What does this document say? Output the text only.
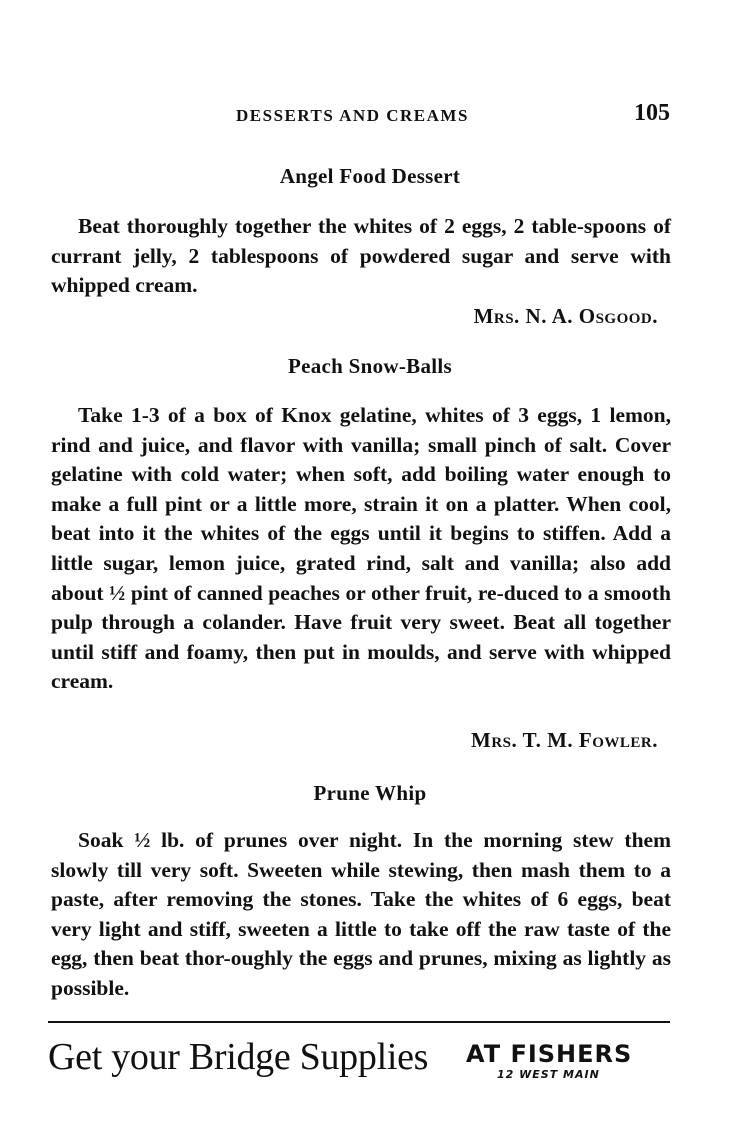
DESSERTS AND CREAMS	105
Angel Food Dessert

Beat thoroughly together the whites of 2 eggs, 2 table-spoons of currant jelly, 2 tablespoons of powdered sugar and serve with whipped cream.

Mrs. N. A. Osgood.
Peach Snow-Balls

Take 1-3 of a box of Knox gelatine, whites of 3 eggs, 1 lemon, rind and juice, and flavor with vanilla; small pinch of salt. Cover gelatine with cold water; when soft, add boiling water enough to make a full pint or a little more, strain it on a platter. When cool, beat into it the whites of the eggs until it begins to stiffen. Add a little sugar, lemon juice, grated rind, salt and vanilla; also add about ½ pint of canned peaches or other fruit, re-duced to a smooth pulp through a colander. Have fruit very sweet. Beat all together until stiff and foamy, then put in moulds, and serve with whipped cream.

Mrs. T. M. Fowler.
Prune Whip

Soak ½ lb. of prunes over night. In the morning stew them slowly till very soft. Sweeten while stewing, then mash them to a paste, after removing the stones. Take the whites of 6 eggs, beat very light and stiff, sweeten a little to take off the raw taste of the egg, then beat thor-oughly the eggs and prunes, mixing as lightly as possible.

Get your Bridge Supplies AT FISHERS
12 WEST MAIN
